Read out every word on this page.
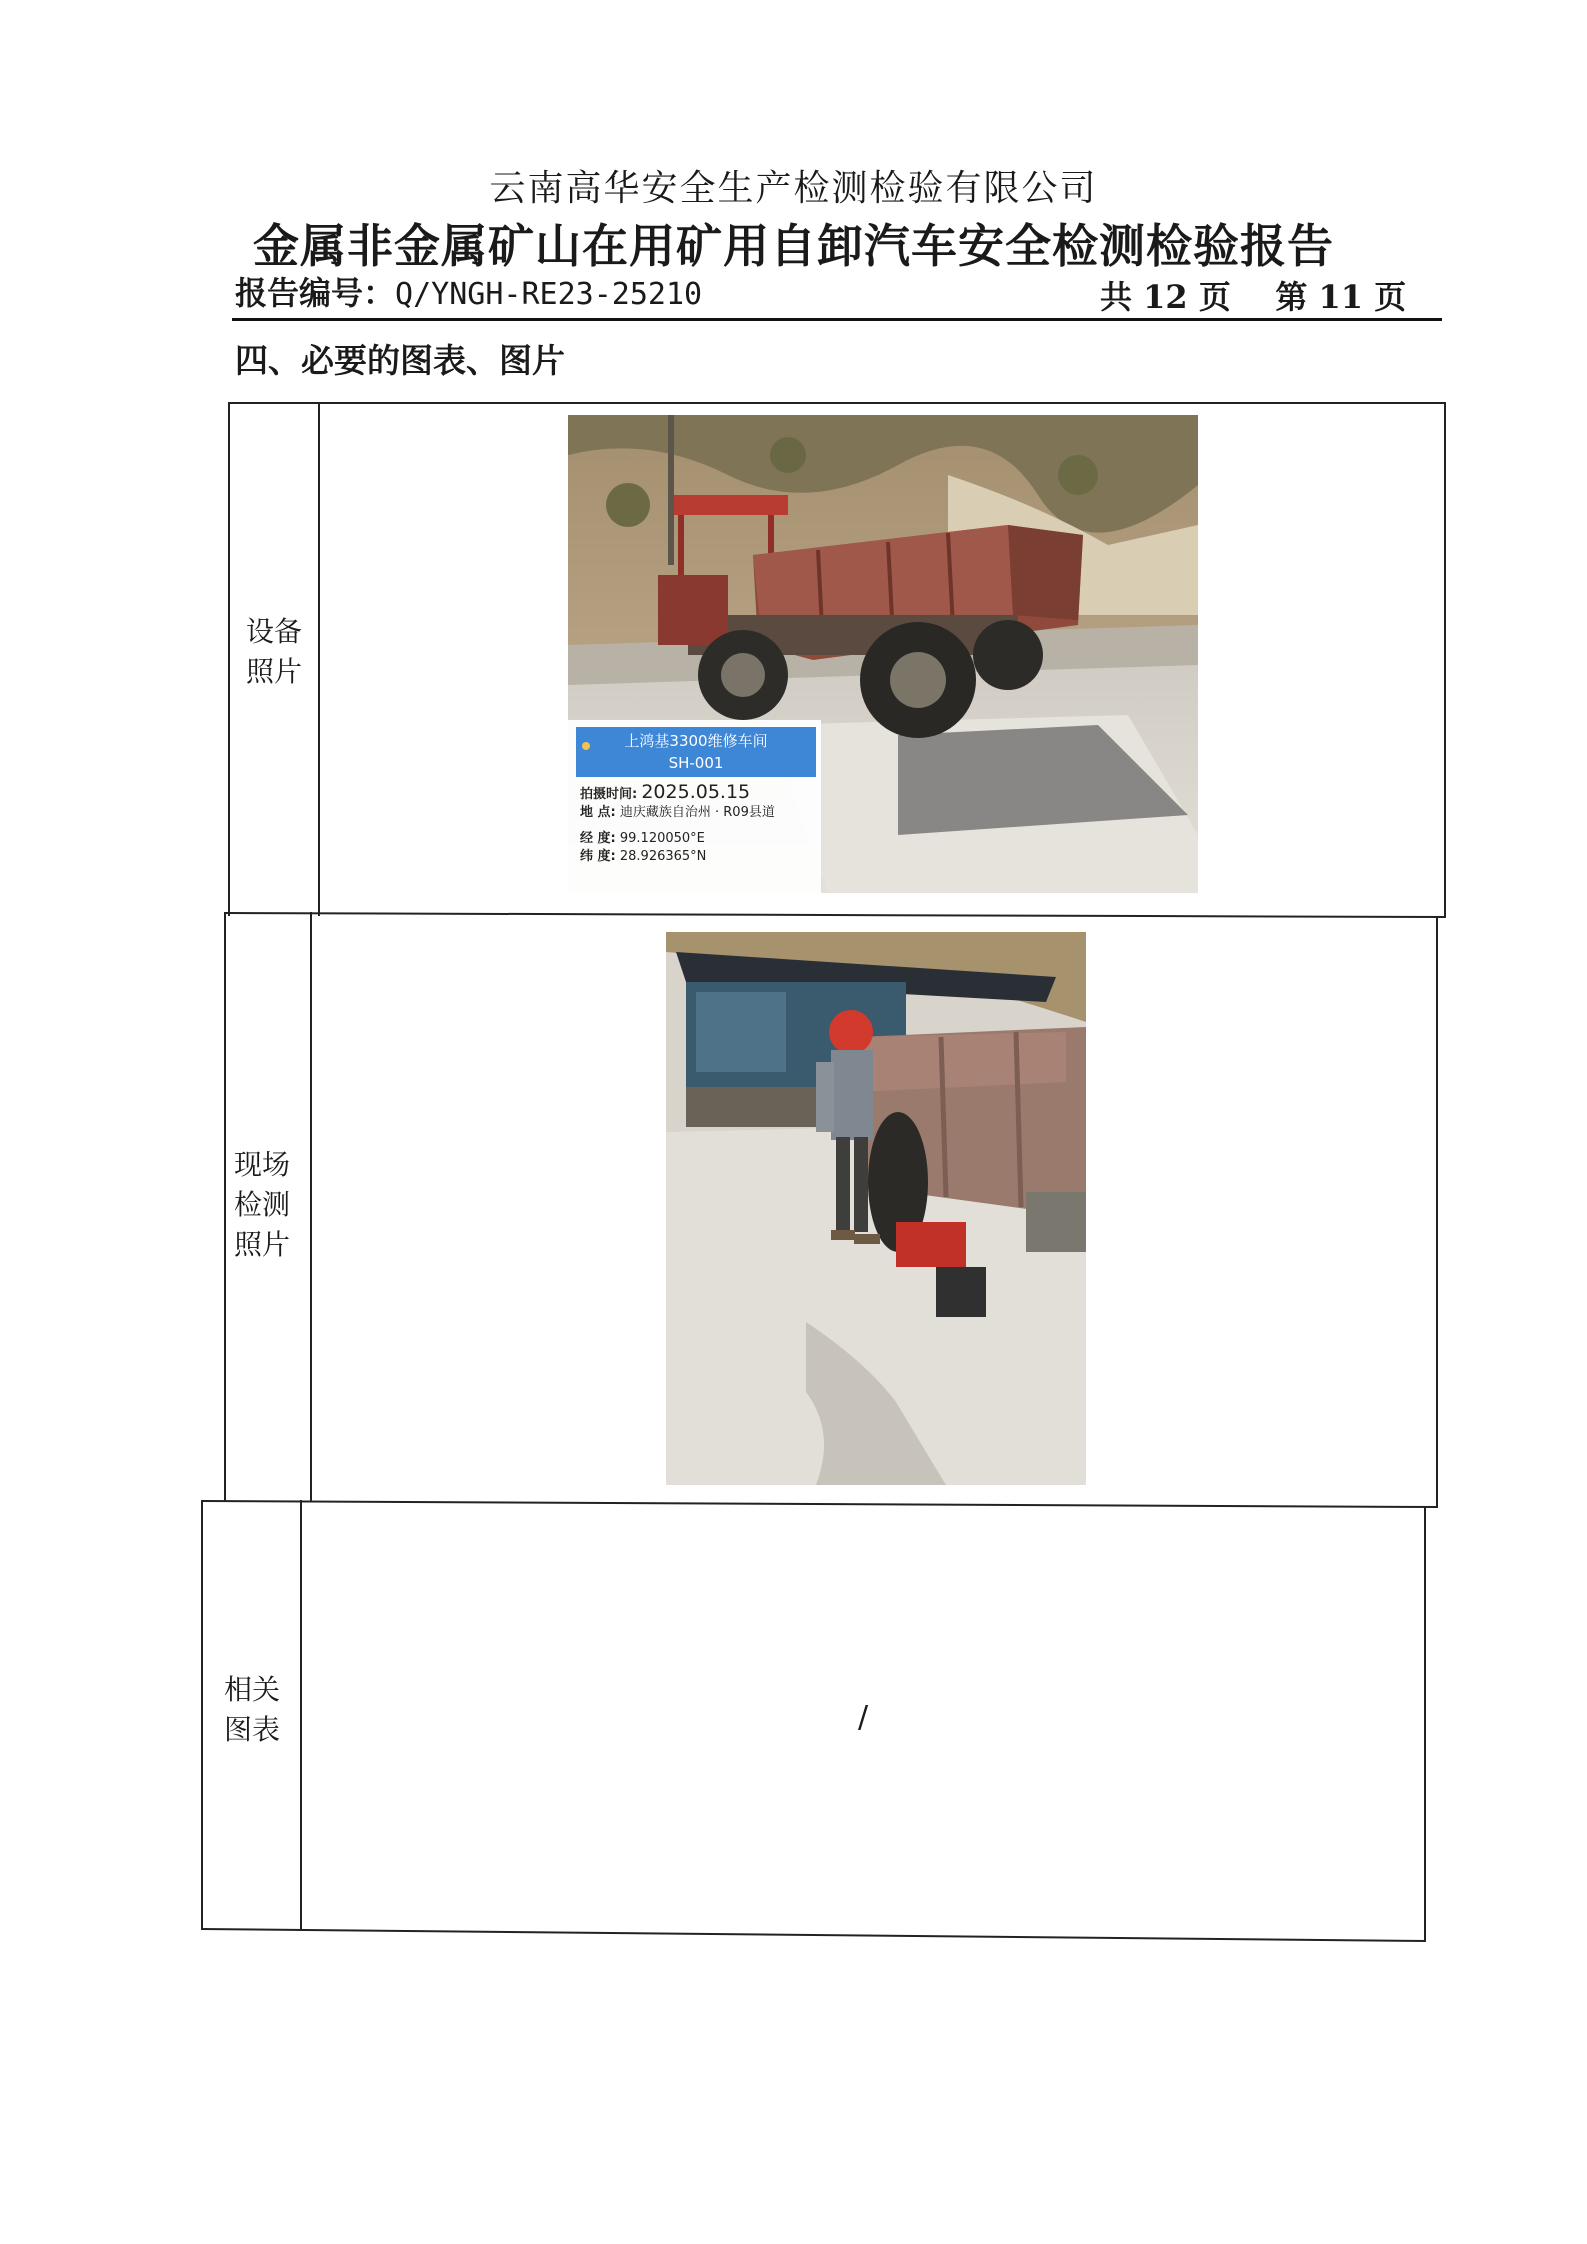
云南高华安全生产检测检验有限公司
金属非金属矿山在用矿用自卸汽车安全检测检验报告
报告编号：Q/YNGH-RE23-25210	共 12 页    第 11 页
四、必要的图表、图片
设备
照片
现场
检测
照片
相关
图表
上鸿基3300维修车间
SH-001
拍摄时间: 2025.05.15
地 点: 迪庆藏族自治州 · R09县道
经 度: 99.120050°E
纬 度: 28.926365°N
/
